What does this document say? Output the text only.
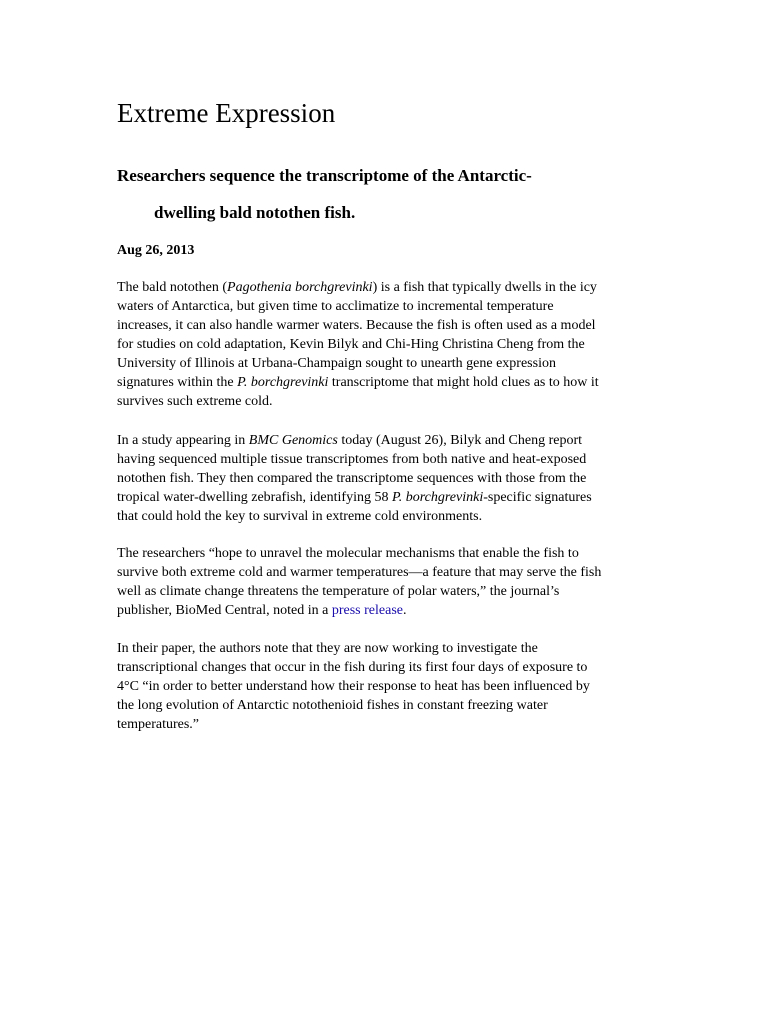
Extreme Expression
Researchers sequence the transcriptome of the Antarctic-
dwelling bald notothen fish.
Aug 26, 2013
The bald notothen (Pagothenia borchgrevinki) is a fish that typically dwells in the icy
waters of Antarctica, but given time to acclimatize to incremental temperature
increases, it can also handle warmer waters. Because the fish is often used as a model
for studies on cold adaptation, Kevin Bilyk and Chi-Hing Christina Cheng from the
University of Illinois at Urbana-Champaign sought to unearth gene expression
signatures within the P. borchgrevinki transcriptome that might hold clues as to how it
survives such extreme cold.
In a study appearing in BMC Genomics today (August 26), Bilyk and Cheng report
having sequenced multiple tissue transcriptomes from both native and heat-exposed
notothen fish. They then compared the transcriptome sequences with those from the
tropical water-dwelling zebrafish, identifying 58 P. borchgrevinki-specific signatures
that could hold the key to survival in extreme cold environments.
The researchers “hope to unravel the molecular mechanisms that enable the fish to
survive both extreme cold and warmer temperatures—a feature that may serve the fish
well as climate change threatens the temperature of polar waters,” the journal’s
publisher, BioMed Central, noted in a press release.
In their paper, the authors note that they are now working to investigate the
transcriptional changes that occur in the fish during its first four days of exposure to
4°C “in order to better understand how their response to heat has been influenced by
the long evolution of Antarctic notothenioid fishes in constant freezing water
temperatures.”
